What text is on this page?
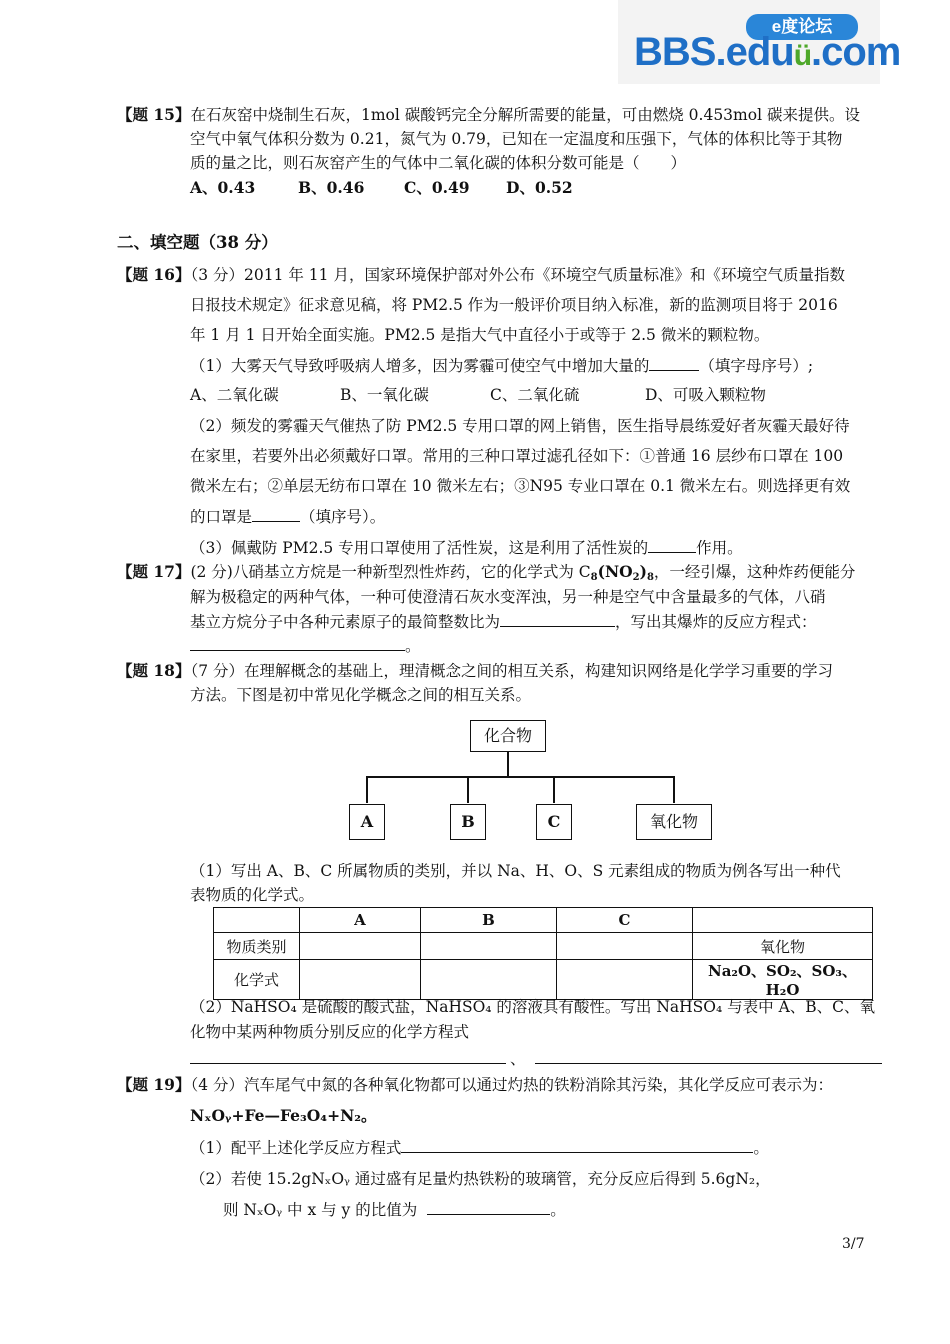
e度论坛
BBS.eduü.com
【题 15】在石灰窑中烧制生石灰，1mol 碳酸钙完全分解所需要的能量，可由燃烧 0.453mol 碳来提供。设
空气中氧气体积分数为 0.21，氮气为 0.79，已知在一定温度和压强下，气体的体积比等于其物
质的量之比，则石灰窑产生的气体中二氧化碳的体积分数可能是（　　）
A、0.43	B、0.46	C、0.49 D、0.52
二、填空题（38 分）
【题 16】（3 分）2011 年 11 月，国家环境保护部对外公布《环境空气质量标准》和《环境空气质量指数
日报技术规定》征求意见稿，将 PM2.5 作为一般评价项目纳入标准，新的监测项目将于 2016
年 1 月 1 日开始全面实施。PM2.5 是指大气中直径小于或等于 2.5 微米的颗粒物。
（1）大雾天气导致呼吸病人增多，因为雾霾可使空气中增加大量的	（填字母序号）;
A、二氧化碳	B、一氧化碳	C、二氧化硫	D、可吸入颗粒物
（2）频发的雾霾天气催热了防 PM2.5 专用口罩的网上销售，医生指导晨练爱好者灰霾天最好待
在家里，若要外出必须戴好口罩。常用的三种口罩过滤孔径如下：①普通 16 层纱布口罩在 100
微米左右；②单层无纺布口罩在 10 微米左右；③N95 专业口罩在 0.1 微米左右。则选择更有效
的口罩是	（填序号）。
（3）佩戴防 PM2.5 专用口罩使用了活性炭，这是利用了活性炭的	作用。
【题 17】(2 分)八硝基立方烷是一种新型烈性炸药，它的化学式为 $C_8(NO_2)_8$，一经引爆，这种炸药便能分
解为极稳定的两种气体，一种可使澄清石灰水变浑浊，另一种是空气中含量最多的气体，八硝
基立方烷分子中各种元素原子的最简整数比为	，写出其爆炸的反应方程式：
。
【题 18】（7 分）在理解概念的基础上，理清概念之间的相互关系，构建知识网络是化学学习重要的学习
方法。下图是初中常见化学概念之间的相互关系。
化合物
A	B	C	氧化物
（1）写出 A、B、C 所属物质的类别，并以 Na、H、O、S 元素组成的物质为例各写出一种代
表物质的化学式。
	A	B	C	
物质类别				氧化物
化学式				Na₂O、SO₂、SO₃、H₂O
（2）NaHSO₄ 是硫酸的酸式盐，NaHSO₄ 的溶液具有酸性。写出 NaHSO₄ 与表中 A、B、C、氧
化物中某两种物质分别反应的化学方程式
、
【题 19】（4 分）汽车尾气中氮的各种氧化物都可以通过灼热的铁粉消除其污染，其化学反应可表示为：
NₓOᵧ+Fe—Fe₃O₄+N₂。
（1）配平上述化学反应方程式	。
（2）若使 15.2gNₓOᵧ 通过盛有足量灼热铁粉的玻璃管，充分反应后得到 5.6gN₂，
则 NₓOᵧ 中 x 与 y 的比值为	。
3/7
